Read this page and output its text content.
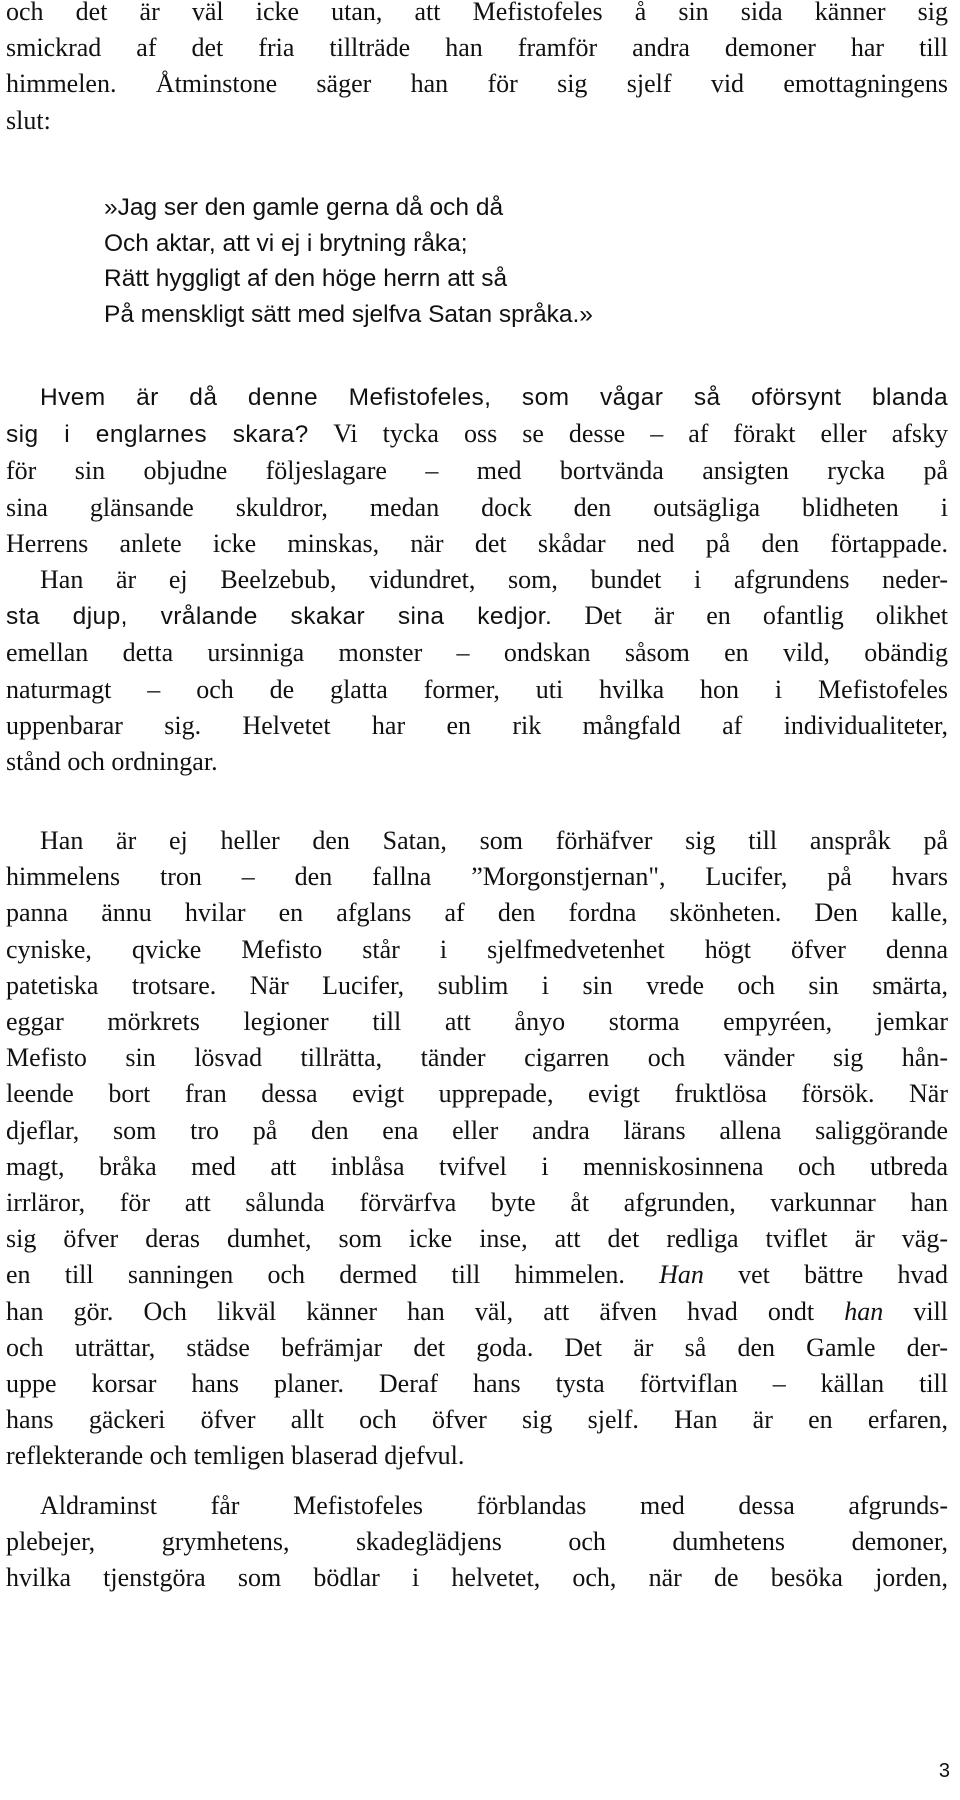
och det är väl icke utan, att Mefistofeles å sin sida känner sig
smickrad af det fria tillträde han framför andra demoner har till
himmelen. Åtminstone säger han för sig sjelf vid emottagningens
slut:

»Jag ser den gamle gerna då och då
Och aktar, att vi ej i brytning råka;
Rätt hyggligt af den höge herrn att så
På menskligt sätt med sjelfva Satan språka.»

Hvem är då denne Mefistofeles, som vågar så oförsynt blanda
sig i englarnes skara? Vi tycka oss se desse – af förakt eller afsky
för sin objudne följeslagare – med bortvända ansigten rycka på
sina glänsande skuldror, medan dock den outsägliga blidheten i
Herrens anlete icke minskas, när det skådar ned på den förtappade.
Han är ej Beelzebub, vidundret, som, bundet i afgrundens neder-
sta djup, vrålande skakar sina kedjor. Det är en ofantlig olikhet
emellan detta ursinniga monster – ondskan såsom en vild, obändig
naturmagt – och de glatta former, uti hvilka hon i Mefistofeles
uppenbarar sig. Helvetet har en rik mångfald af individualiteter,
stånd och ordningar.

Han är ej heller den Satan, som förhäfver sig till anspråk på
himmelens tron – den fallna ”Morgonstjernan", Lucifer, på hvars
panna ännu hvilar en afglans af den fordna skönheten. Den kalle,
cyniske, qvicke Mefisto står i sjelfmedvetenhet högt öfver denna
patetiska trotsare. När Lucifer, sublim i sin vrede och sin smärta,
eggar mörkrets legioner till att ånyo storma empyréen, jemkar
Mefisto sin lösvad tillrätta, tänder cigarren och vänder sig hån-
leende bort fran dessa evigt upprepade, evigt fruktlösa försök. När
djeflar, som tro på den ena eller andra lärans allena saliggörande
magt, bråka med att inblåsa tvifvel i menniskosinnena och utbreda
irrläror, för att sålunda förvärfva byte åt afgrunden, varkunnar han
sig öfver deras dumhet, som icke inse, att det redliga tviflet är väg-
en till sanningen och dermed till himmelen. Han vet bättre hvad
han gör. Och likväl känner han väl, att äfven hvad ondt han vill
och uträttar, städse befrämjar det goda. Det är så den Gamle der-
uppe korsar hans planer. Deraf hans tysta förtviflan – källan till
hans gäckeri öfver allt och öfver sig sjelf. Han är en erfaren,
reflekterande och temligen blaserad djefvul.

Aldraminst får Mefistofeles förblandas med dessa afgrunds-
plebejer, grymhetens, skadeglädjens och dumhetens demoner,
hvilka tjenstgöra som bödlar i helvetet, och, när de besöka jorden,

3
